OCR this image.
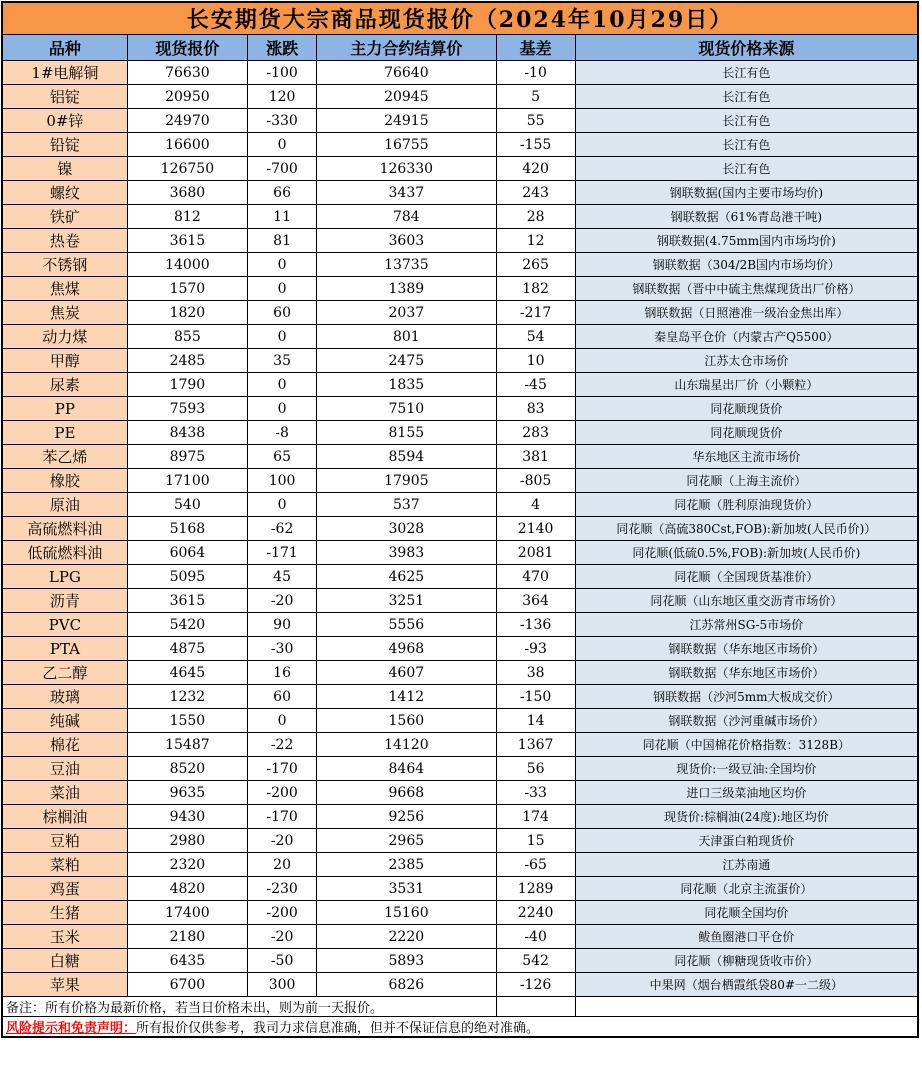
长安期货大宗商品现货报价（2024年10月29日）					
品种	现货报价	涨跌	主力合约结算价	基差	现货价格来源
1#电解铜	76630	-100	76640	-10	长江有色
铝锭	20950	120	20945	5	长江有色
0#锌	24970	-330	24915	55	长江有色
铅锭	16600	0	16755	-155	长江有色
镍	126750	-700	126330	420	长江有色
螺纹	3680	66	3437	243	钢联数据(国内主要市场均价)
铁矿	812	11	784	28	钢联数据（61%青岛港干吨)
热卷	3615	81	3603	12	钢联数据(4.75mm国内市场均价)
不锈钢	14000	0	13735	265	钢联数据（304/2B国内市场均价）
焦煤	1570	0	1389	182	钢联数据（晋中中硫主焦煤现货出厂价格）
焦炭	1820	60	2037	-217	钢联数据（日照港准一级冶金焦出库）
动力煤	855	0	801	54	秦皇岛平仓价（内蒙古产Q5500）
甲醇	2485	35	2475	10	江苏太仓市场价
尿素	1790	0	1835	-45	山东瑞星出厂价（小颗粒）
PP	7593	0	7510	83	同花顺现货价
PE	8438	-8	8155	283	同花顺现货价
苯乙烯	8975	65	8594	381	华东地区主流市场价
橡胶	17100	100	17905	-805	同花顺（上海主流价）
原油	540	0	537	4	同花顺（胜利原油现货价）
高硫燃料油	5168	-62	3028	2140	同花顺（高硫380Cst,FOB):新加坡(人民币价)）
低硫燃料油	6064	-171	3983	2081	同花顺(低硫0.5%,FOB):新加坡(人民币价)
LPG	5095	45	4625	470	同花顺（全国现货基准价）
沥青	3615	-20	3251	364	同花顺（山东地区重交沥青市场价）
PVC	5420	90	5556	-136	江苏常州SG-5市场价
PTA	4875	-30	4968	-93	钢联数据（华东地区市场价）
乙二醇	4645	16	4607	38	钢联数据（华东地区市场价）
玻璃	1232	60	1412	-150	钢联数据（沙河5mm大板成交价）
纯碱	1550	0	1560	14	钢联数据（沙河重碱市场价）
棉花	15487	-22	14120	1367	同花顺（中国棉花价格指数：3128B）
豆油	8520	-170	8464	56	现货价:一级豆油:全国均价
菜油	9635	-200	9668	-33	进口三级菜油地区均价
棕榈油	9430	-170	9256	174	现货价:棕榈油(24度):地区均价
豆粕	2980	-20	2965	15	天津蛋白粕现货价
菜粕	2320	20	2385	-65	江苏南通
鸡蛋	4820	-230	3531	1289	同花顺（北京主流蛋价）
生猪	17400	-200	15160	2240	同花顺全国均价
玉米	2180	-20	2220	-40	鲅鱼圈港口平仓价
白糖	6435	-50	5893	542	同花顺（柳糖现货收市价）
苹果	6700	300	6826	-126	中果网（烟台栖霞纸袋80#一二级）
备注：所有价格为最新价格，若当日价格未出，则为前一天报价。					
风险提示和免责声明：所有报价仅供参考，我司力求信息准确，但并不保证信息的绝对准确。					
